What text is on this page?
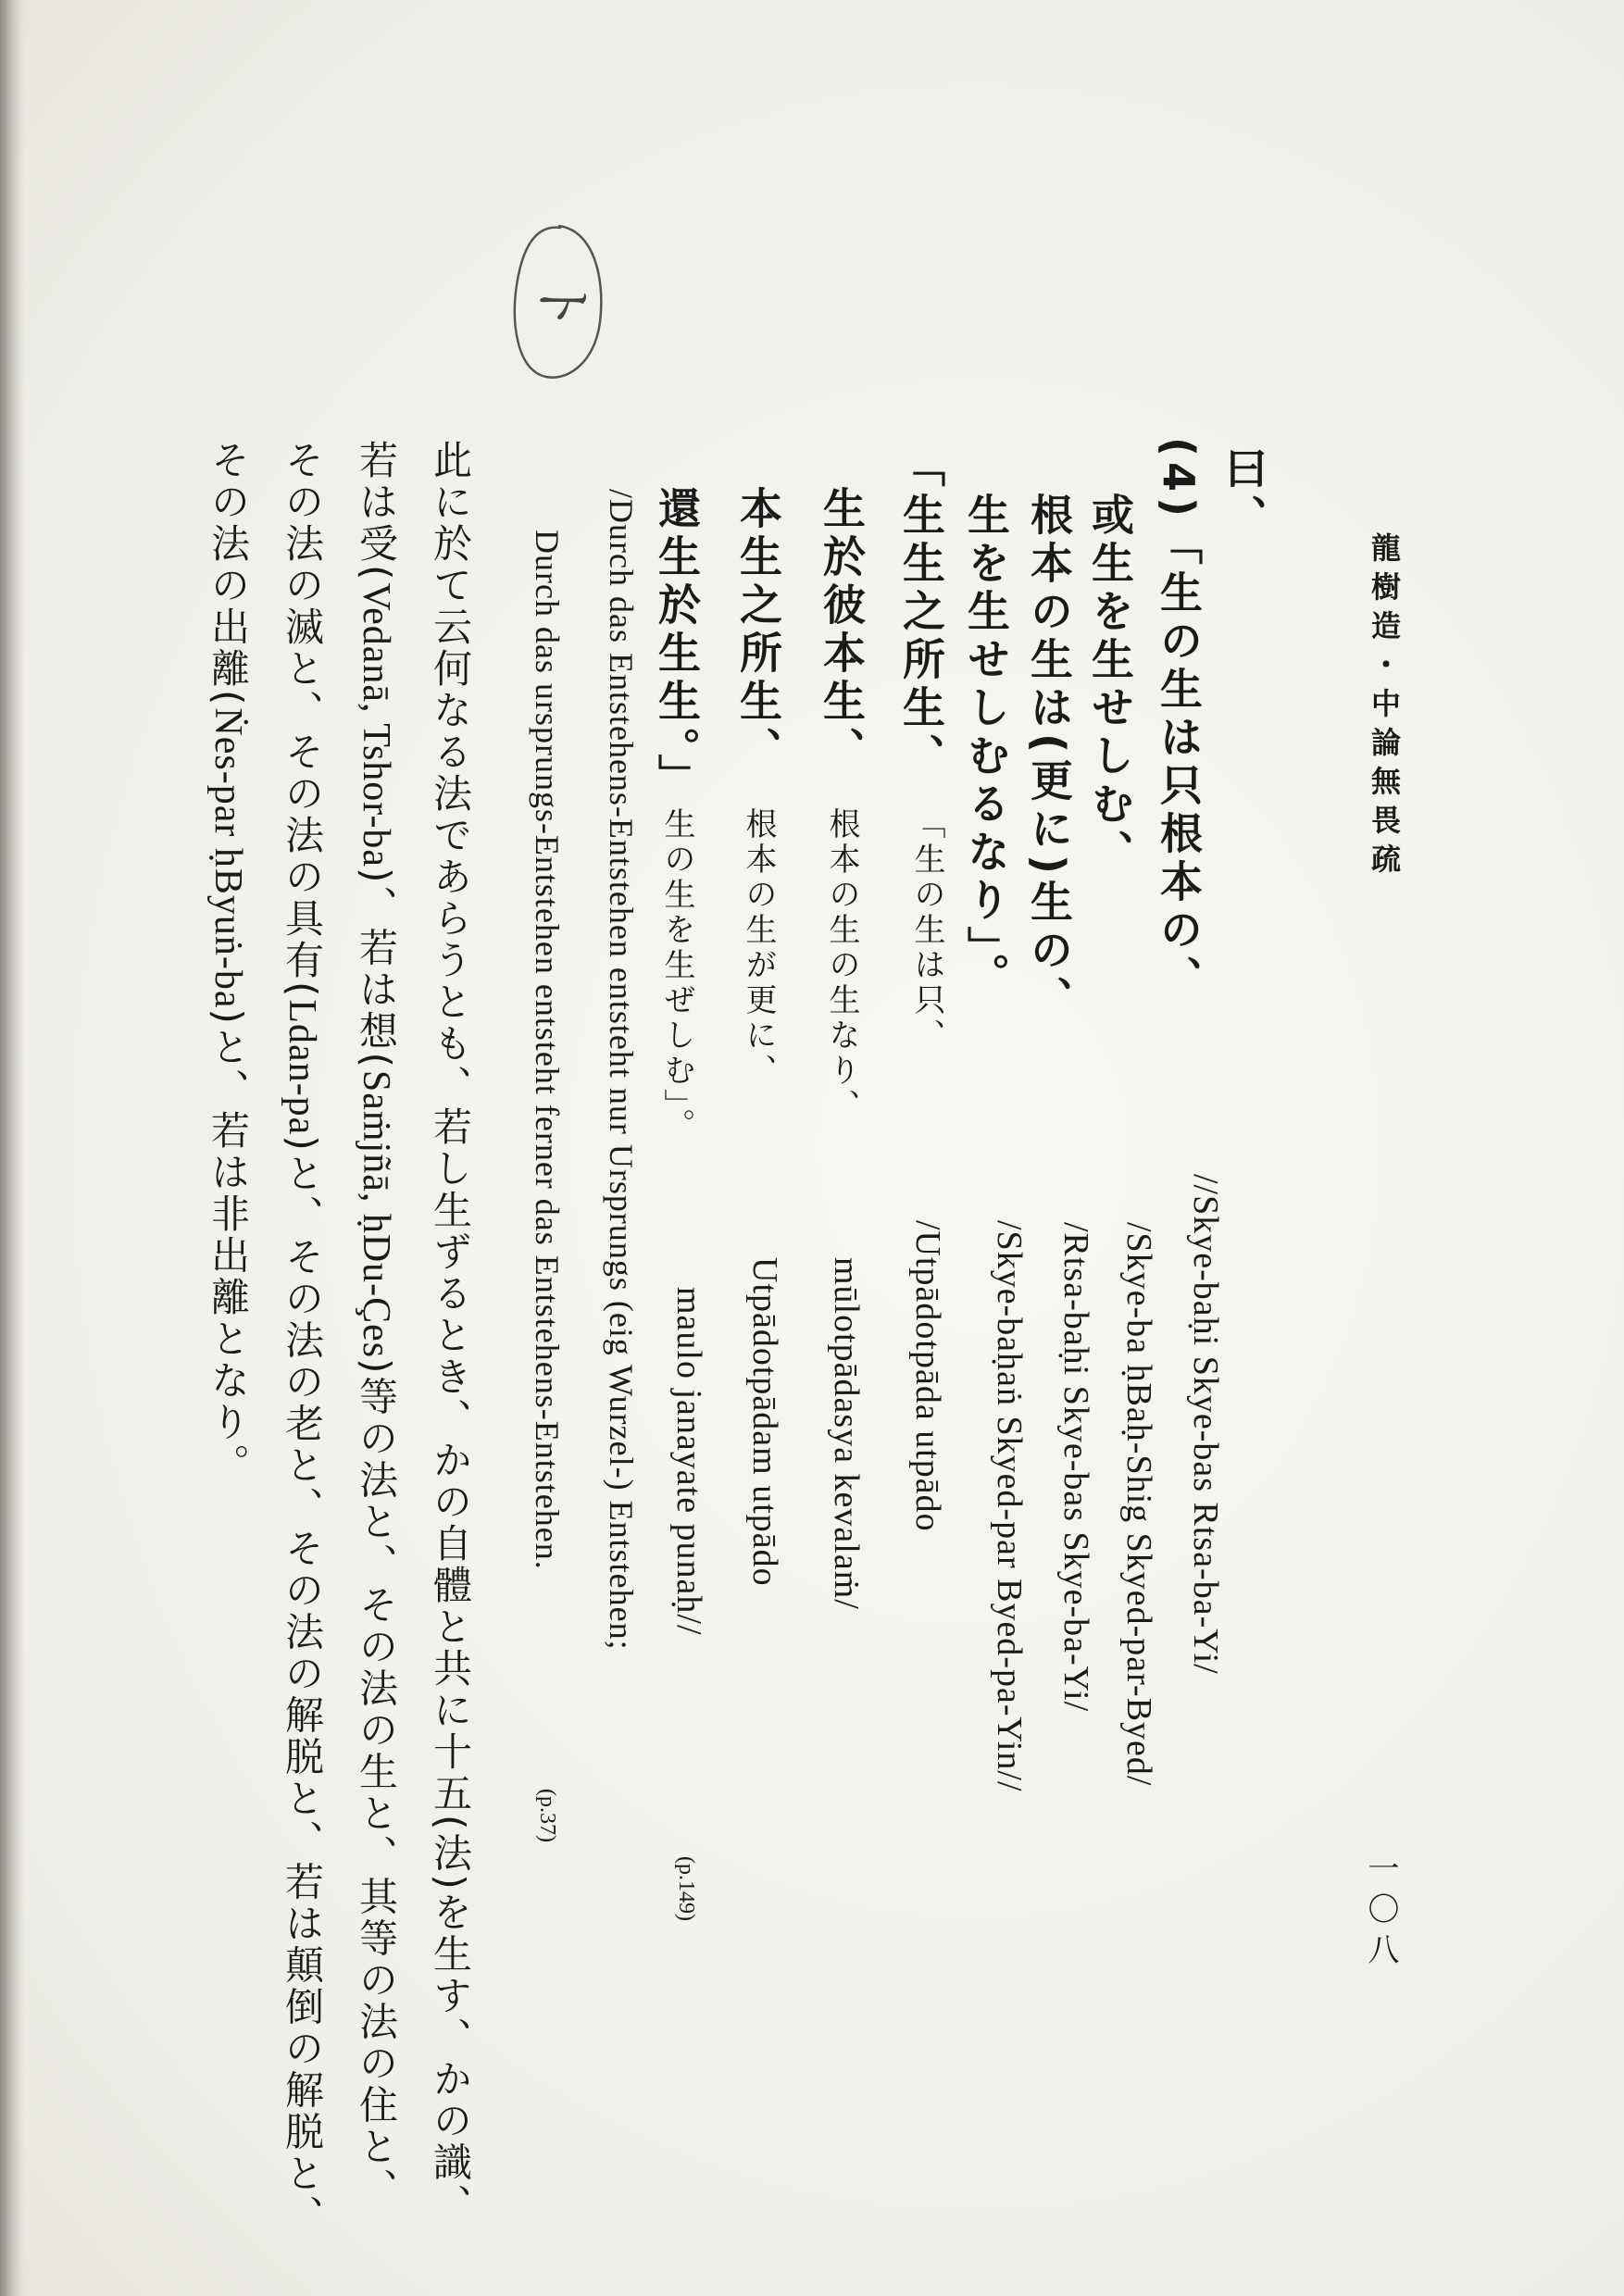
龍樹造・中論無畏疏
一〇八
ト
曰、
(4)「生の生は只根本の、
或生を生せしむ、
根本の生は(更に)生の、
生を生せしむるなり」。
「生生之所生、
「生の生は只、
生於彼本生、
根本の生の生なり、
本生之所生、
根本の生が更に、
還生於生生。」
生の生を生ぜしむ」。
//Skye-baḥi Skye-bas Rtsa-ba-Yi/
/Skye-ba ḥBaḥ-Shig Skyed-par-Byed/
/Rtsa-baḥi Skye-bas Skye-ba-Yi/
/Skye-baḥaṅ Skyed-par Byed-pa-Yin//
/Utpādotpāda utpādo
mūlotpādasya kevalaṁ/
Utpādotpādam utpādo
maulo janayate punaḥ//
(p.149)
/Durch das Entstehens-Entstehen entsteht nur Ursprungs (eig Wurzel-) Entstehen;
Durch das ursprungs-Entstehen entsteht ferner das Entstehens-Entstehen.
(p.37)
此に於て云何なる法であらうとも、若し生ずるとき、かの自體と共に十五(法)を生す、かの識、
若は受(Vedanā, Tshor-ba)、若は想(Saṁjñā, ḥDu-Çes)等の法と、その法の生と、其等の法の住と、
その法の滅と、その法の具有(Ldan-pa)と、その法の老と、その法の解脱と、若は顛倒の解脱と、
その法の出離(Ṅes-par ḥByuṅ-ba)と、若は非出離となり。
